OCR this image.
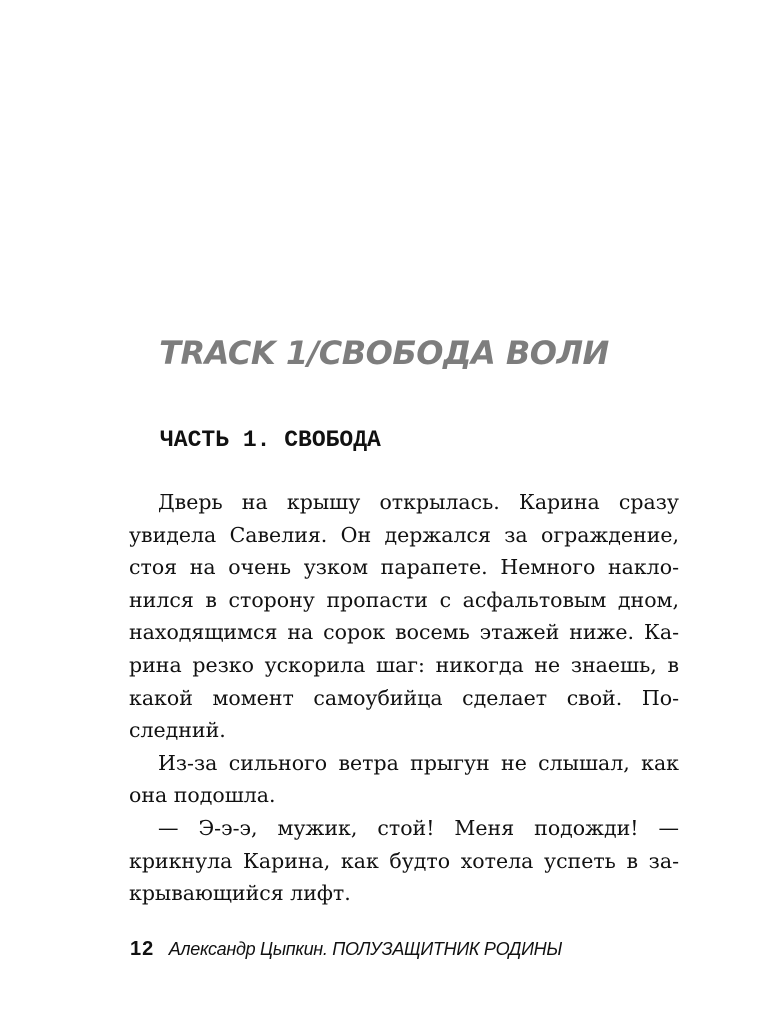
TRACK 1/СВОБОДА ВОЛИ
ЧАСТЬ 1. СВОБОДА

Дверь на крышу открылась. Карина сразу увидела Савелия. Он держался за ограждение, стоя на очень узком парапете. Немного наклонился в сторону пропасти с асфальтовым дном, находящимся на сорок восемь этажей ниже. Карина резко ускорила шаг: никогда не знаешь, в какой момент самоубийца сделает свой. Последний.

Из-за сильного ветра прыгун не слышал, как она подошла.

— Э-э-э, мужик, стой! Меня подожди! — крикнула Карина, как будто хотела успеть в закрывающийся лифт.

12 Александр Цыпкин. ПОЛУЗАЩИТНИК РОДИНЫ
